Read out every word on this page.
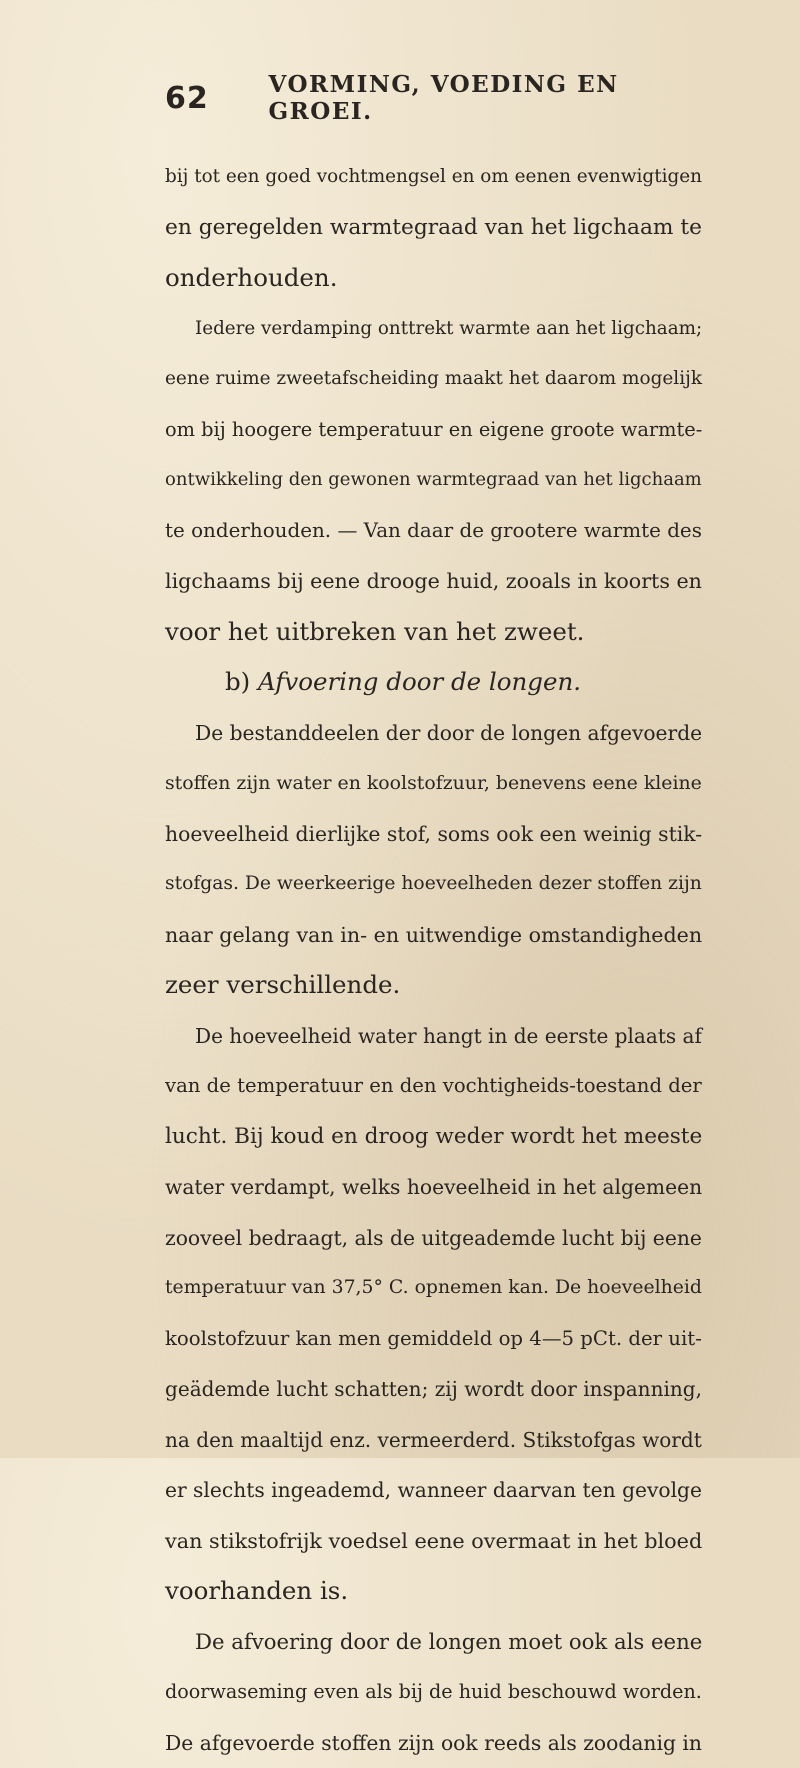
62	VORMING, VOEDING EN GROEI.
bij tot een goed vochtmengsel en om eenen evenwigtigen
en geregelden warmtegraad van het ligchaam te
onderhouden.
Iedere verdamping onttrekt warmte aan het ligchaam;
eene ruime zweetafscheiding maakt het daarom mogelijk
om bij hoogere temperatuur en eigene groote warmte-
ontwikkeling den gewonen warmtegraad van het ligchaam
te onderhouden. — Van daar de grootere warmte des
ligchaams bij eene drooge huid, zooals in koorts en
voor het uitbreken van het zweet.
b) Afvoering door de longen.
De bestanddeelen der door de longen afgevoerde
stoffen zijn water en koolstofzuur, benevens eene kleine
hoeveelheid dierlijke stof, soms ook een weinig stik-
stofgas. De weerkeerige hoeveelheden dezer stoffen zijn
naar gelang van in- en uitwendige omstandigheden
zeer verschillende.
De hoeveelheid water hangt in de eerste plaats af
van de temperatuur en den vochtigheids-toestand der
lucht. Bij koud en droog weder wordt het meeste
water verdampt, welks hoeveelheid in het algemeen
zooveel bedraagt, als de uitgeademde lucht bij eene
temperatuur van 37,5° C. opnemen kan. De hoeveelheid
koolstofzuur kan men gemiddeld op 4—5 pCt. der uit-
geädemde lucht schatten; zij wordt door inspanning,
na den maaltijd enz. vermeerderd. Stikstofgas wordt
er slechts ingeademd, wanneer daarvan ten gevolge
van stikstofrijk voedsel eene overmaat in het bloed
voorhanden is.
De afvoering door de longen moet ook als eene
doorwaseming even als bij de huid beschouwd worden.
De afgevoerde stoffen zijn ook reeds als zoodanig in
